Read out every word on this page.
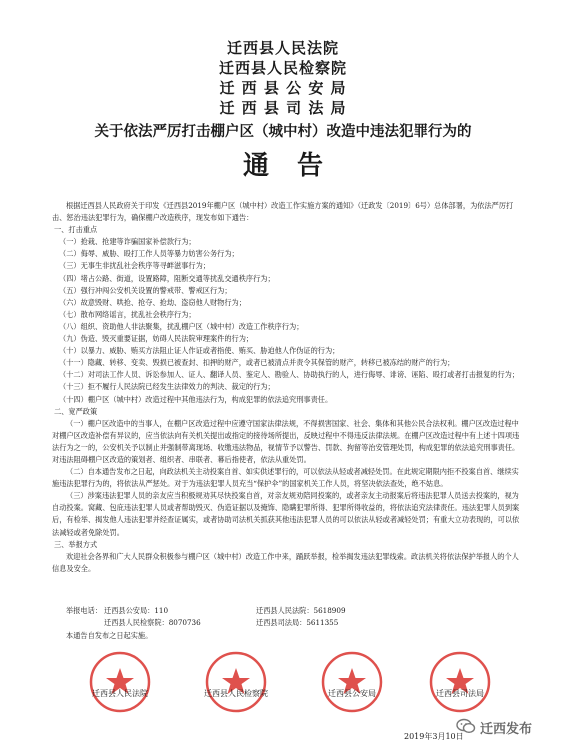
迁西县人民法院
迁西县人民检察院
迁 西 县 公 安 局
迁 西 县 司 法 局
关于依法严厉打击棚户区（城中村）改造中违法犯罪行为的
通告

根据迁西县人民政府关于印发《迁西县2019年棚户区（城中村）改造工作实施方案的通知》（迁政发〔2019〕6号）总体部署，为依法严厉打击、惩治违法犯罪行为，确保棚户改造秩序，现发布如下通告：

一、打击重点

（一）抢栽、抢建等诈骗国家补偿款行为；

（二）侮辱、威胁、殴打工作人员等暴力妨害公务行为；

（三）无事生非扰乱社会秩序等寻衅滋事行为；

（四）堵占公路、街道，设置路障，阻断交通等扰乱交通秩序行为；

（五）强行冲闯公安机关设置的警戒带、警戒区行为；

（六）故意毁财、哄抢、抢夺、抢劫、盗窃他人财物行为；

（七）散布网络谣言，扰乱社会秩序行为；

（八）组织、资助他人非法聚集，扰乱棚户区（城中村）改造工作秩序行为；

（九）伪造、毁灭重要证据，妨碍人民法院审理案件的行为；

（十）以暴力、威胁、贿买方法阻止证人作证或者指使、贿买、胁迫他人作伪证的行为；

（十一）隐藏、转移、变卖、毁损已被查封、扣押的财产，或者已被清点并责令其保管的财产，转移已被冻结的财产的行为；

（十二）对司法工作人员、诉讼参加人、证人、翻译人员、鉴定人、勘验人、协助执行的人，进行侮辱、诽谤、诬陷、殴打或者打击报复的行为；

（十三）拒不履行人民法院已经发生法律效力的判决、裁定的行为；

（十四）棚户区（城中村）改造过程中其他违法行为，构成犯罪的依法追究刑事责任。

二、宽严政策

（一）棚户区改造中的当事人，在棚户区改造过程中应遵守国家法律法规，不得损害国家、社会、集体和其他公民合法权利。棚户区改造过程中对棚户区改造补偿有异议的，应当依法向有关机关提出或指定的接待场所提出，反映过程中不得违反法律法规。在棚户区改造过程中有上述十四项违法行为之一的，公安机关予以制止并强制带离现场、收缴违法物品，视情节予以警告、罚款、拘留等治安管理处罚，构成犯罪的依法追究刑事责任。对违法阻碍棚户区改造的策划者、组织者、串联者、幕后指使者，依法从重处罚。

（二）自本通告发布之日起，向政法机关主动投案自首、如实供述罪行的，可以依法从轻或者减轻处罚。在此规定期限内拒不投案自首、继续实施违法犯罪行为的，将依法从严惩处。对于为违法犯罪人员充当“保护伞”的国家机关工作人员，将坚决依法查处，绝不姑息。

（三）涉案违法犯罪人员的亲友应当积极规劝其尽快投案自首，对亲友规劝陪同投案的，或者亲友主动报案后将违法犯罪人员送去投案的，视为自动投案。窝藏、包庇违法犯罪人员或者帮助毁灭、伪造证据以及掩饰、隐瞒犯罪所得、犯罪所得收益的，将依法追究法律责任。违法犯罪人员到案后，有检举、揭发他人违法犯罪并经查证属实，或者协助司法机关抓获其他违法犯罪人员的可以依法从轻或者减轻处罚；有重大立功表现的，可以依法减轻或者免除处罚。

三、举报方式

欢迎社会各界和广大人民群众积极参与棚户区（城中村）改造工作中来，踊跃举报，检举揭发违法犯罪线索。政法机关将依法保护举报人的个人信息及安全。

举报电话： 迁西县公安局：110	迁西县人民法院：5618909
迁西县人民检察院：8070736	迁西县司法局：5611355
本通告自发布之日起实施。
迁西县人民法院	迁西县人民检察院	迁西县公安局	迁西县司法局
2019年3月10日 迁西发布
